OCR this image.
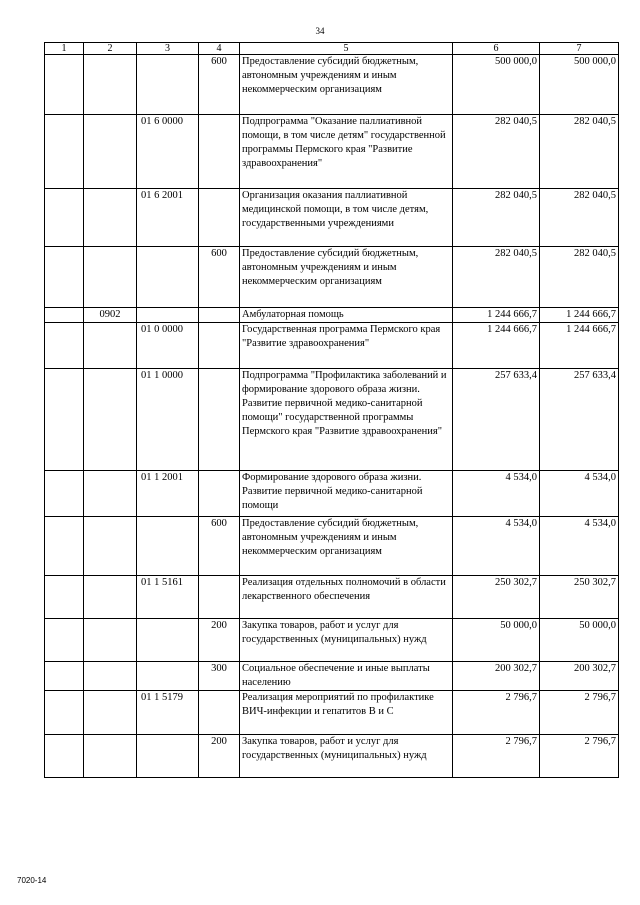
34
1	2	3	4	5	6	7
			600	Предоставление субсидий бюджетным, автономным учреждениям и иным некоммерческим организациям	500 000,0	500 000,0
		01 6 0000		Подпрограмма "Оказание паллиативной помощи, в том числе детям" государственной программы Пермского края "Развитие здравоохранения"	282 040,5	282 040,5
		01 6 2001		Организация оказания паллиативной медицинской помощи, в том числе детям, государственными учреждениями	282 040,5	282 040,5
			600	Предоставление субсидий бюджетным, автономным учреждениям и иным некоммерческим организациям	282 040,5	282 040,5
	0902			Амбулаторная помощь	1 244 666,7	1 244 666,7
		01 0 0000		Государственная программа Пермского края "Развитие здравоохранения"	1 244 666,7	1 244 666,7
		01 1 0000		Подпрограмма "Профилактика заболеваний и формирование здорового образа жизни. Развитие первичной медико-санитарной помощи" государственной программы Пермского края "Развитие здравоохранения"	257 633,4	257 633,4
		01 1 2001		Формирование здорового образа жизни. Развитие первичной медико-санитарной помощи	4 534,0	4 534,0
			600	Предоставление субсидий бюджетным, автономным учреждениям и иным некоммерческим организациям	4 534,0	4 534,0
		01 1 5161		Реализация отдельных полномочий в области лекарственного обеспечения	250 302,7	250 302,7
			200	Закупка товаров, работ и услуг для государственных (муниципальных) нужд	50 000,0	50 000,0
			300	Социальное обеспечение и иные выплаты населению	200 302,7	200 302,7
		01 1 5179		Реализация мероприятий по профилактике ВИЧ-инфекции и гепатитов В и С	2 796,7	2 796,7
			200	Закупка товаров, работ и услуг для государственных (муниципальных) нужд	2 796,7	2 796,7
7020-14
